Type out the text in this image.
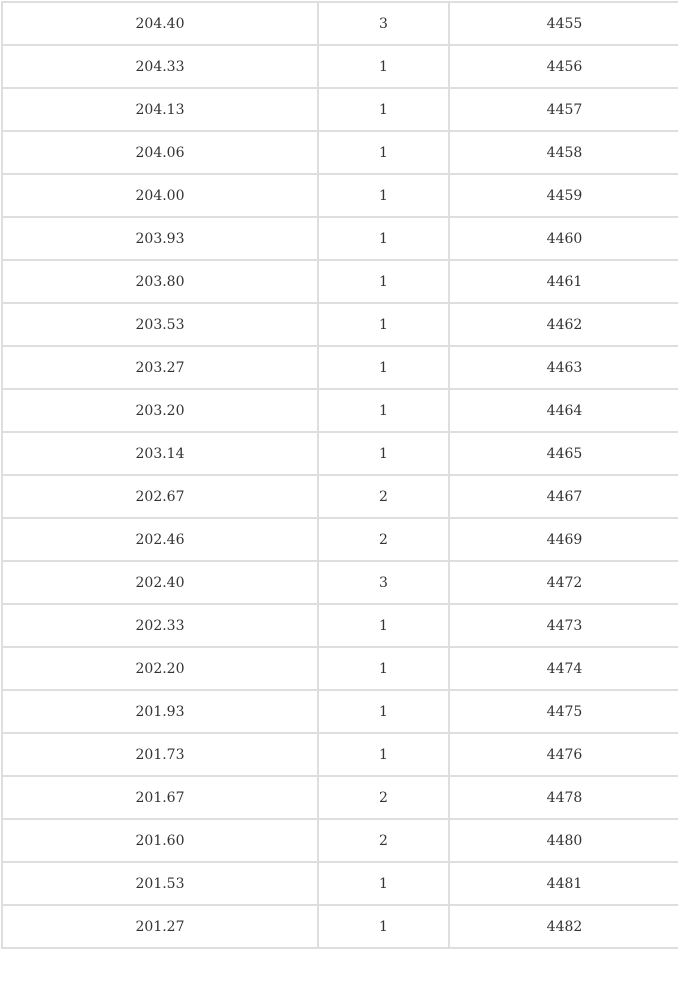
204.40	3	4455
204.33	1	4456
204.13	1	4457
204.06	1	4458
204.00	1	4459
203.93	1	4460
203.80	1	4461
203.53	1	4462
203.27	1	4463
203.20	1	4464
203.14	1	4465
202.67	2	4467
202.46	2	4469
202.40	3	4472
202.33	1	4473
202.20	1	4474
201.93	1	4475
201.73	1	4476
201.67	2	4478
201.60	2	4480
201.53	1	4481
201.27	1	4482
